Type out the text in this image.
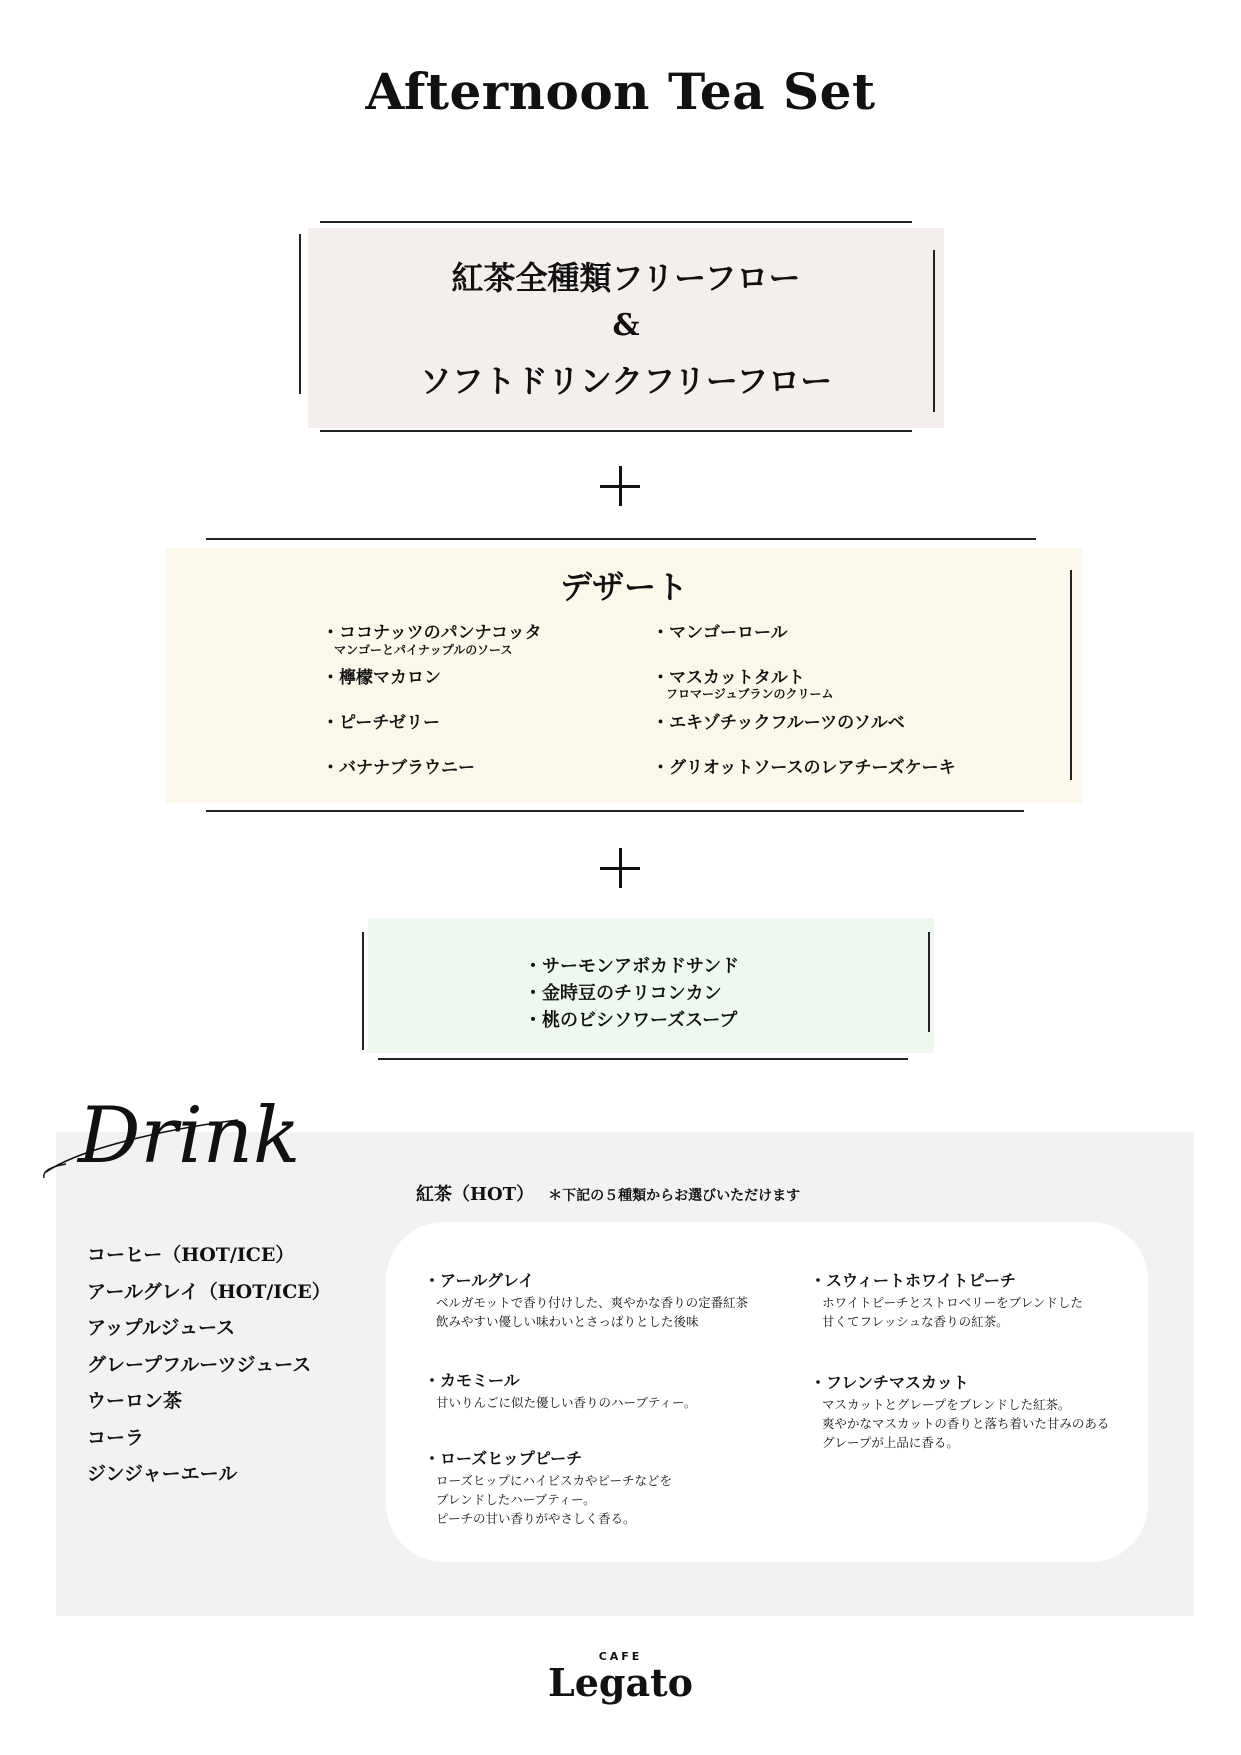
Afternoon Tea Set
紅茶全種類フリーフロー
&
ソフトドリンクフリーフロー
デザート
・ココナッツのパンナコッタ
マンゴーとパイナップルのソース
・檸檬マカロン
・ピーチゼリー
・バナナブラウニー
・マンゴーロール
・マスカットタルト
フロマージュブランのクリーム
・エキゾチックフルーツのソルベ
・グリオットソースのレアチーズケーキ
・サーモンアボカドサンド
・金時豆のチリコンカン
・桃のビシソワーズスープ
Drink
紅茶（HOT） ＊下記の５種類からお選びいただけます
コーヒー（HOT/ICE）
アールグレイ（HOT/ICE）
アップルジュース
グレープフルーツジュース
ウーロン茶
コーラ
ジンジャーエール
・アールグレイ
ベルガモットで香り付けした、爽やかな香りの定番紅茶
飲みやすい優しい味わいとさっぱりとした後味
・カモミール
甘いりんごに似た優しい香りのハーブティー。
・ローズヒップピーチ
ローズヒップにハイビスカやピーチなどを
ブレンドしたハーブティー。
ピーチの甘い香りがやさしく香る。
・スウィートホワイトピーチ
ホワイトピーチとストロベリーをブレンドした
甘くてフレッシュな香りの紅茶。
・フレンチマスカット
マスカットとグレープをブレンドした紅茶。
爽やかなマスカットの香りと落ち着いた甘みのある
グレープが上品に香る。
CAFE
Legato
